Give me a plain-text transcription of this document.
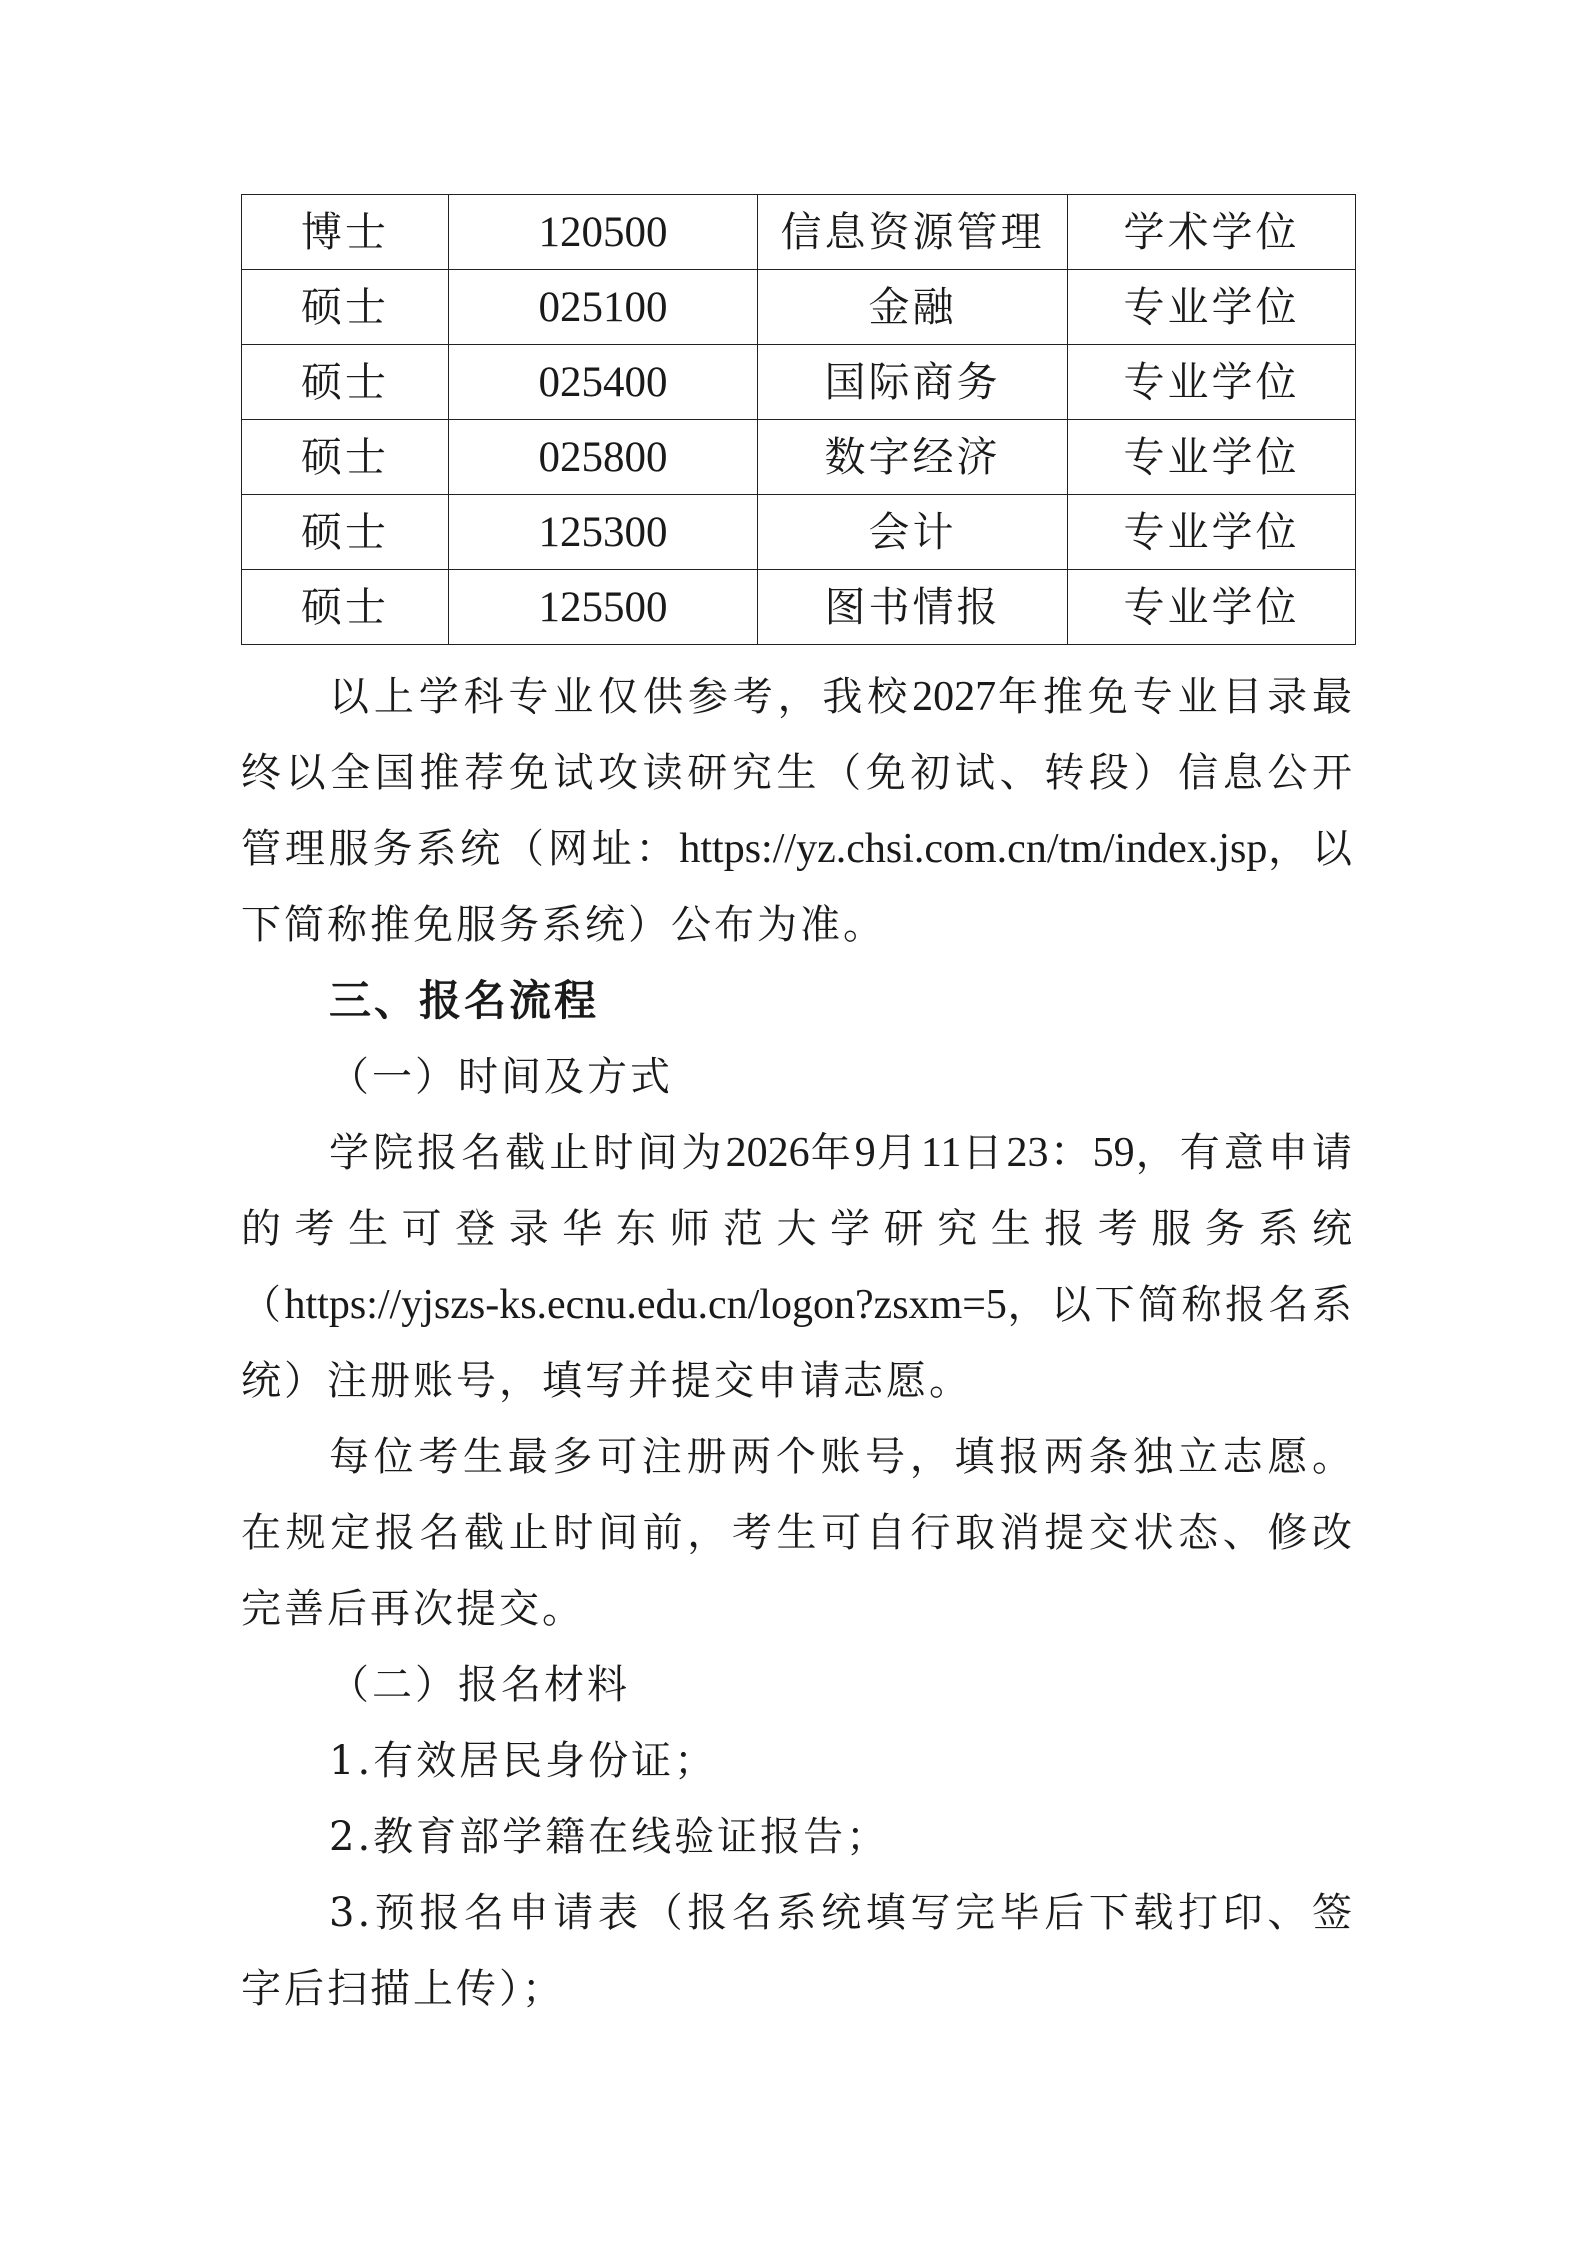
博士	120500	信息资源管理	学术学位
硕士	025100	金融	专业学位
硕士	025400	国际商务	专业学位
硕士	025800	数字经济	专业学位
硕士	125300	会计	专业学位
硕士	125500	图书情报	专业学位

以上学科专业仅供参考，我校2027年推免专业目录最终以全国推荐免试攻读研究生（免初试、转段）信息公开管理服务系统（网址：https://yz.chsi.com.cn/tm/index.jsp，以下简称推免服务系统）公布为准。

三、报名流程

（一）时间及方式

学院报名截止时间为2026年9月11日23：59，有意申请的考生可登录华东师范大学研究生报考服务系统（https://yjszs-ks.ecnu.edu.cn/logon?zsxm=5，以下简称报名系统）注册账号，填写并提交申请志愿。

每位考生最多可注册两个账号，填报两条独立志愿。在规定报名截止时间前，考生可自行取消提交状态、修改完善后再次提交。

（二）报名材料

1.有效居民身份证；

2.教育部学籍在线验证报告；

3.预报名申请表（报名系统填写完毕后下载打印、签字后扫描上传）；
